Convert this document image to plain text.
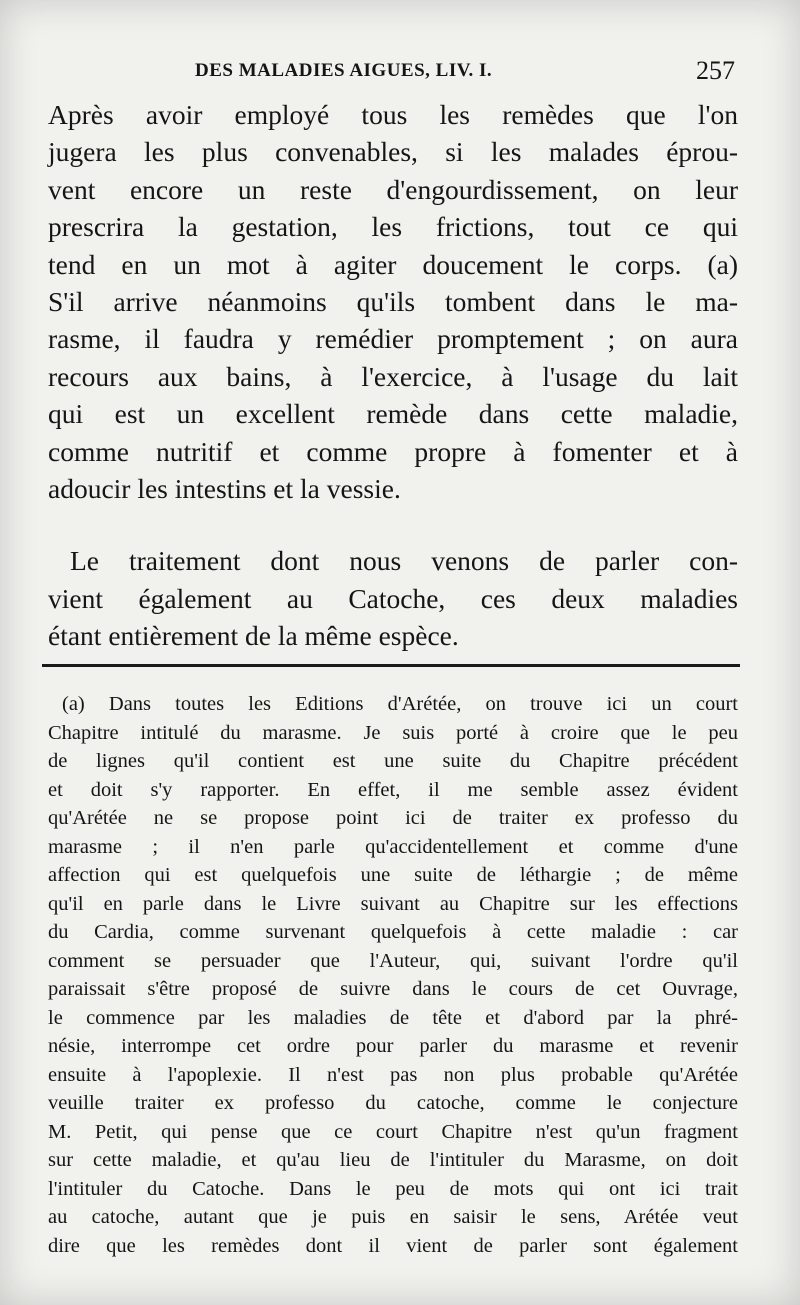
DES MALADIES AIGUES, LIV. I.	257
Après avoir employé tous les remèdes que l'on
jugera les plus convenables, si les malades éprou-
vent encore un reste d'engourdissement, on leur
prescrira la gestation, les frictions, tout ce qui
tend en un mot à agiter doucement le corps. (a)
S'il arrive néanmoins qu'ils tombent dans le ma-
rasme, il faudra y remédier promptement ; on aura
recours aux bains, à l'exercice, à l'usage du lait
qui est un excellent remède dans cette maladie,
comme nutritif et comme propre à fomenter et à
adoucir les intestins et la vessie.
Le traitement dont nous venons de parler con-
vient également au Catoche, ces deux maladies
étant entièrement de la même espèce.
(a) Dans toutes les Editions d'Arétée, on trouve ici un court
Chapitre intitulé du marasme. Je suis porté à croire que le peu
de lignes qu'il contient est une suite du Chapitre précédent
et doit s'y rapporter. En effet, il me semble assez évident
qu'Arétée ne se propose point ici de traiter ex professo du
marasme ; il n'en parle qu'accidentellement et comme d'une
affection qui est quelquefois une suite de léthargie ; de même
qu'il en parle dans le Livre suivant au Chapitre sur les effections
du Cardia, comme survenant quelquefois à cette maladie : car
comment se persuader que l'Auteur, qui, suivant l'ordre qu'il
paraissait s'être proposé de suivre dans le cours de cet Ouvrage,
le commence par les maladies de tête et d'abord par la phré-
nésie, interrompe cet ordre pour parler du marasme et revenir
ensuite à l'apoplexie. Il n'est pas non plus probable qu'Arétée
veuille traiter ex professo du catoche, comme le conjecture
M. Petit, qui pense que ce court Chapitre n'est qu'un fragment
sur cette maladie, et qu'au lieu de l'intituler du Marasme, on doit
l'intituler du Catoche. Dans le peu de mots qui ont ici trait
au catoche, autant que je puis en saisir le sens, Arétée veut
dire que les remèdes dont il vient de parler sont également
